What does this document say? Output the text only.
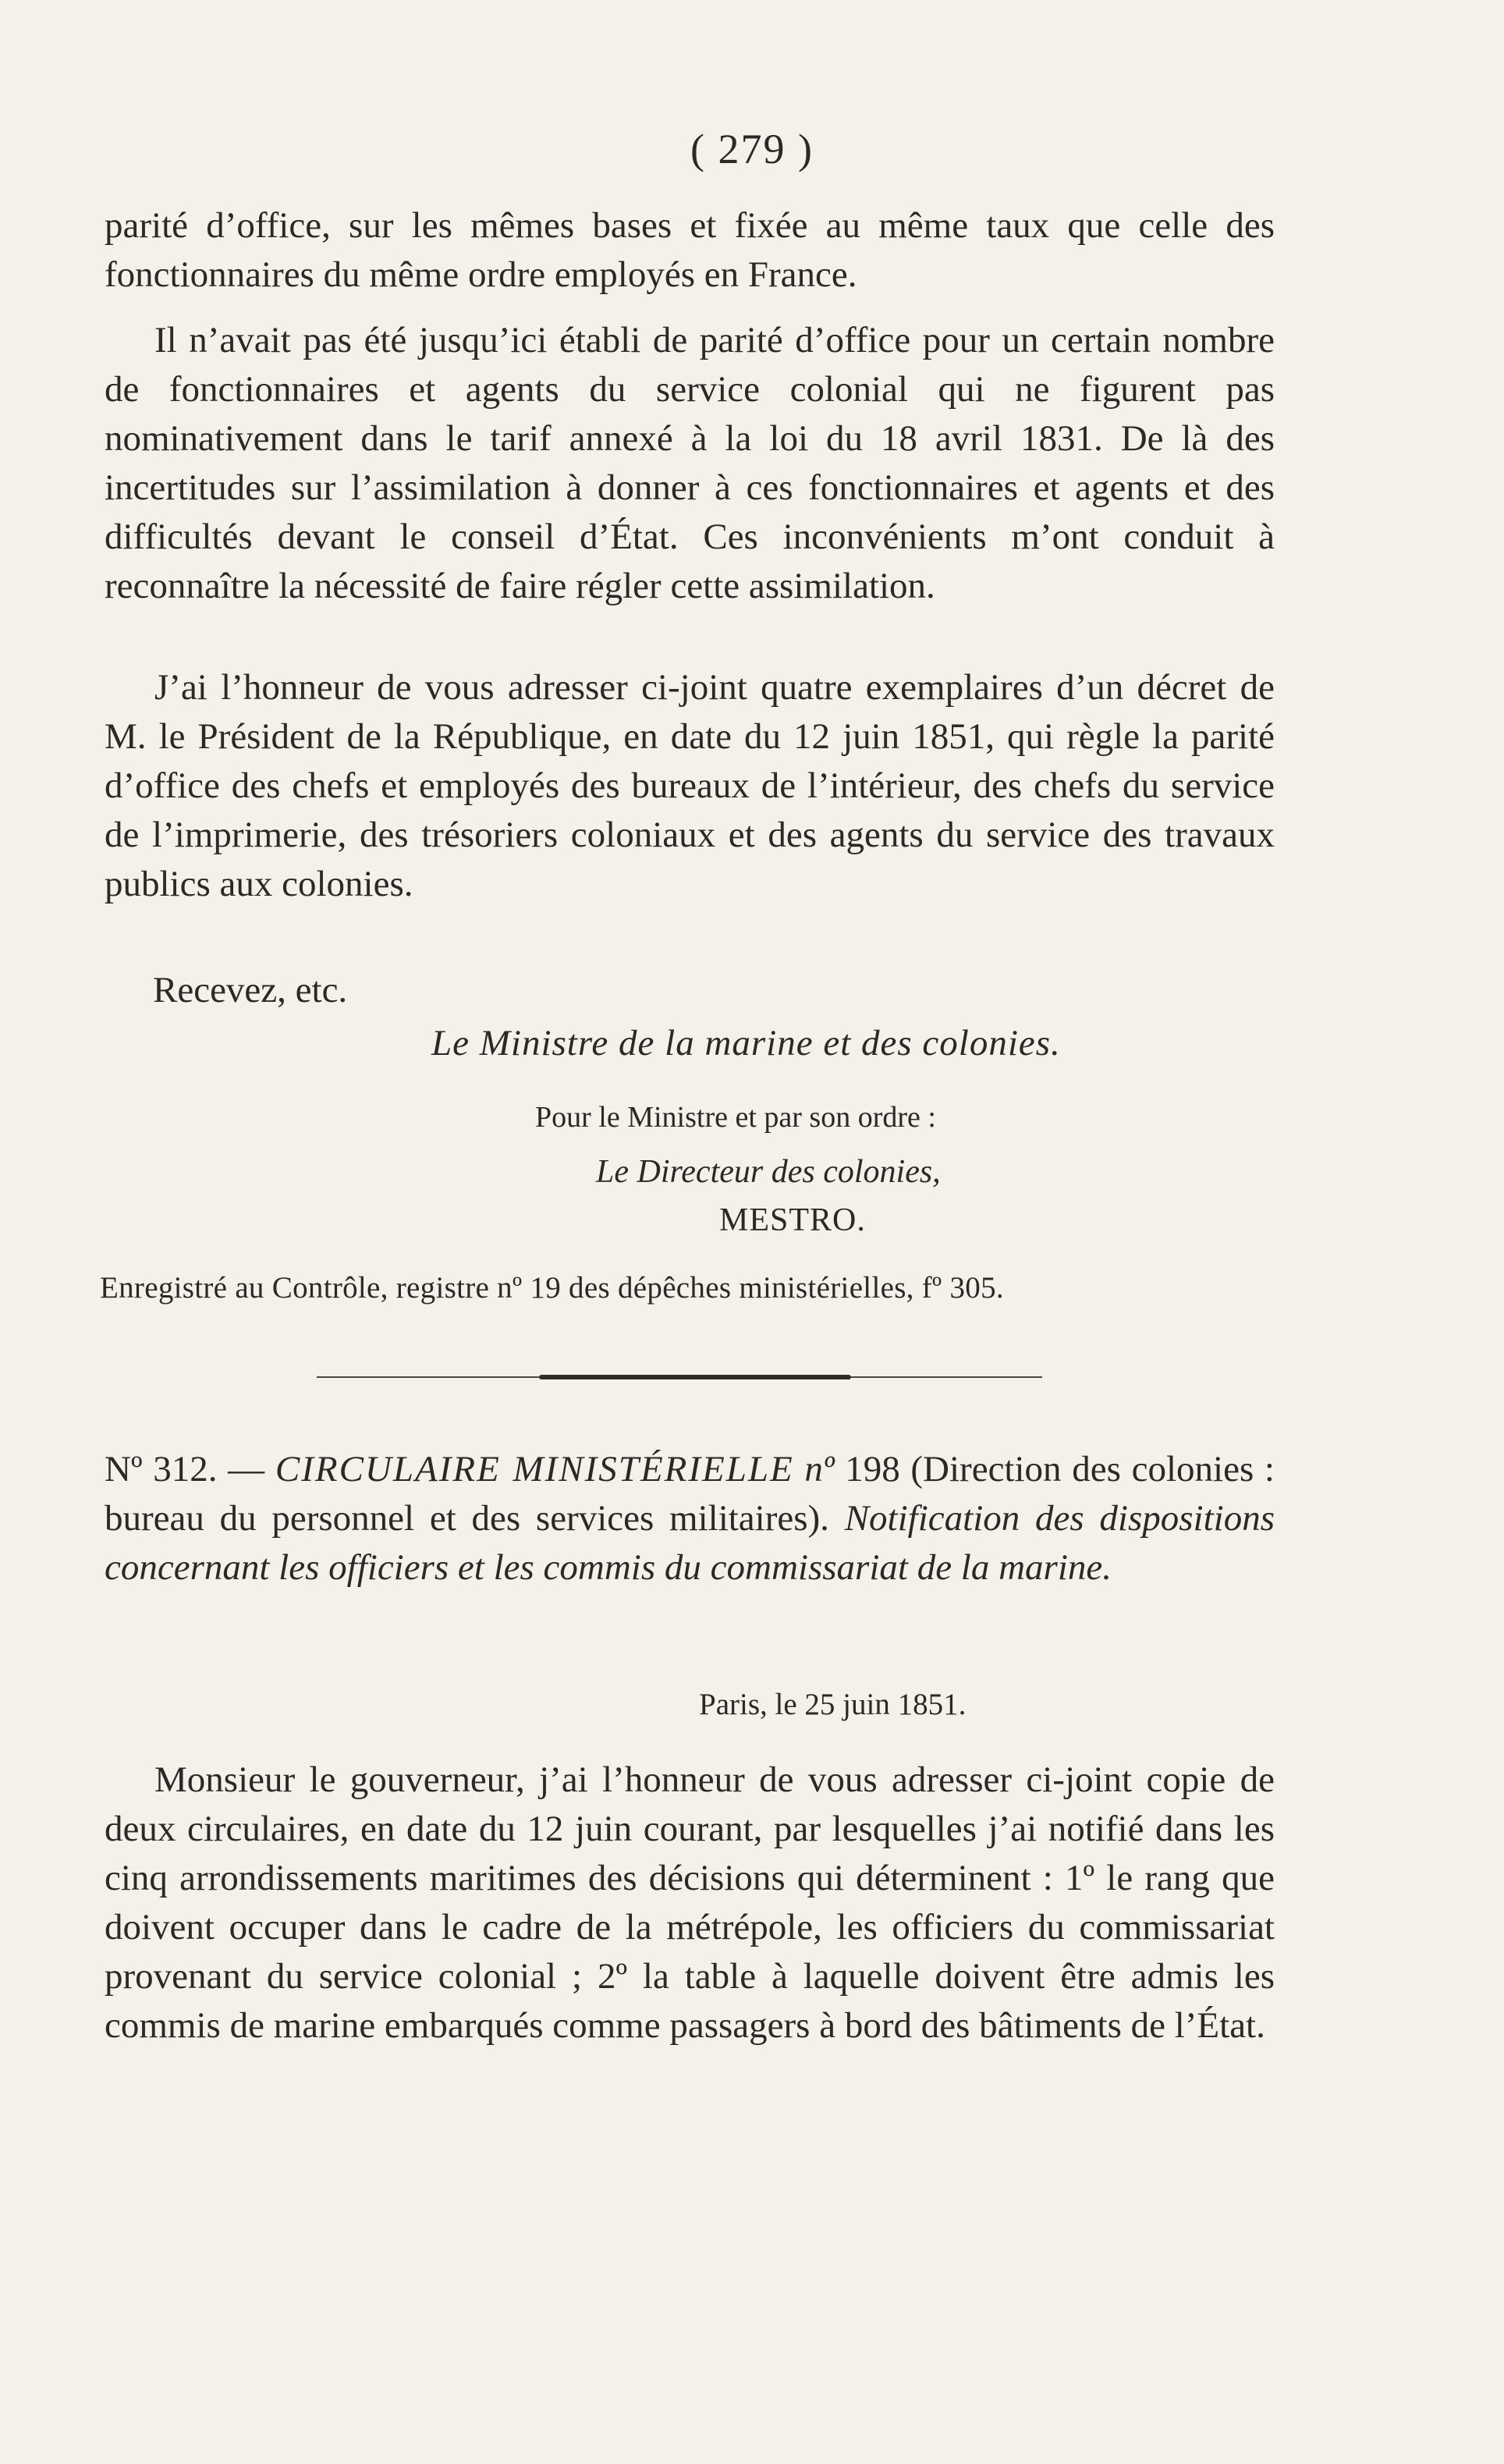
( 279 )
parité d’office, sur les mêmes bases et fixée au même taux que celle des fonctionnaires du même ordre employés en France.
Il n’avait pas été jusqu’ici établi de parité d’office pour un certain nombre de fonctionnaires et agents du service colonial qui ne figurent pas nominativement dans le tarif annexé à la loi du 18 avril 1831. De là des incertitudes sur l’assimilation à donner à ces fonctionnaires et agents et des difficultés devant le conseil d’État. Ces inconvénients m’ont conduit à reconnaître la nécessité de faire régler cette assimilation.
J’ai l’honneur de vous adresser ci-joint quatre exemplaires d’un décret de M. le Président de la République, en date du 12 juin 1851, qui règle la parité d’office des chefs et employés des bureaux de l’intérieur, des chefs du service de l’imprimerie, des trésoriers coloniaux et des agents du service des travaux publics aux colonies.
Recevez, etc.
Le Ministre de la marine et des colonies.
Pour le Ministre et par son ordre :
Le Directeur des colonies,
MESTRO.
Enregistré au Contrôle, registre nº 19 des dépêches ministérielles, fº 305.
Nº 312. — CIRCULAIRE MINISTÉRIELLE nº 198 (Direction des colonies : bureau du personnel et des services militaires). Notification des dispositions concernant les officiers et les commis du commissariat de la marine.
Paris, le 25 juin 1851.
Monsieur le gouverneur, j’ai l’honneur de vous adresser ci-joint copie de deux circulaires, en date du 12 juin courant, par lesquelles j’ai notifié dans les cinq arrondissements maritimes des décisions qui déterminent : 1º le rang que doivent occuper dans le cadre de la métrépole, les officiers du commissariat provenant du service colonial ; 2º la table à laquelle doivent être admis les commis de marine embarqués comme passagers à bord des bâtiments de l’État.
